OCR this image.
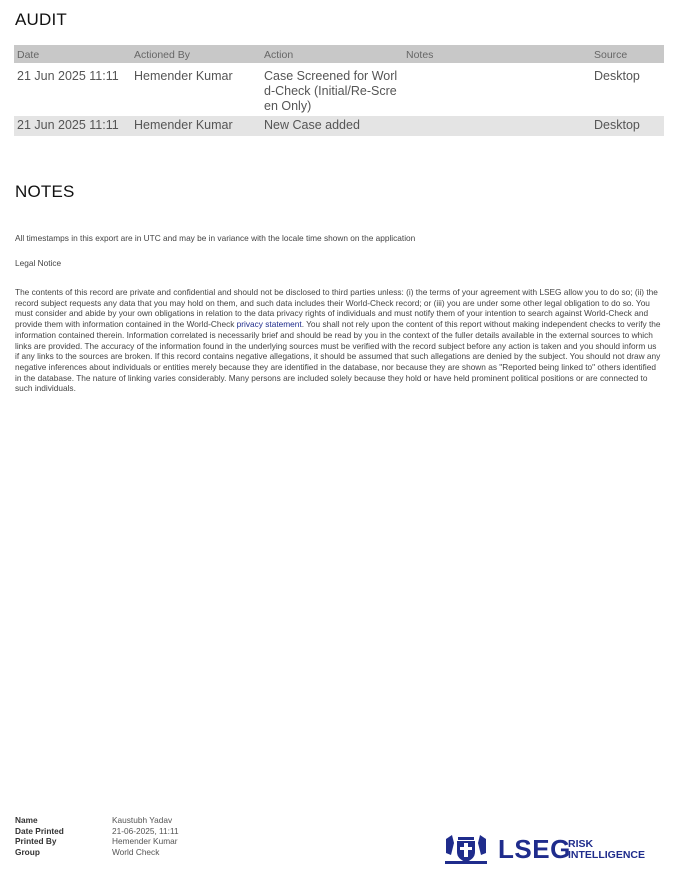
AUDIT
Date	Actioned By	Action	Notes	Source
21 Jun 2025 11:11	Hemender Kumar	Case Screened for World-Check (Initial/Re-Screen Only)		Desktop
21 Jun 2025 11:11	Hemender Kumar	New Case added		Desktop
NOTES
All timestamps in this export are in UTC and may be in variance with the locale time shown on the application
Legal Notice
The contents of this record are private and confidential and should not be disclosed to third parties unless: (i) the terms of your agreement with LSEG allow you to do so; (ii) the record subject requests any data that you may hold on them, and such data includes their World-Check record; or (iii) you are under some other legal obligation to do so. You must consider and abide by your own obligations in relation to the data privacy rights of individuals and must notify them of your intention to search against World-Check and provide them with information contained in the World-Check privacy statement. You shall not rely upon the content of this report without making independent checks to verify the information contained therein. Information correlated is necessarily brief and should be read by you in the context of the fuller details available in the external sources to which links are provided. The accuracy of the information found in the underlying sources must be verified with the record subject before any action is taken and you should inform us if any links to the sources are broken. If this record contains negative allegations, it should be assumed that such allegations are denied by the subject. You should not draw any negative inferences about individuals or entities merely because they are identified in the database, nor because they are shown as "Reported being linked to" others identified in the database. The nature of linking varies considerably. Many persons are included solely because they hold or have held prominent political positions or are connected to such individuals.
Name	Kaustubh Yadav
Date Printed	21-06-2025, 11:11
Printed By	Hemender Kumar
Group	World Check	LSEG
RISK
INTELLIGENCE
